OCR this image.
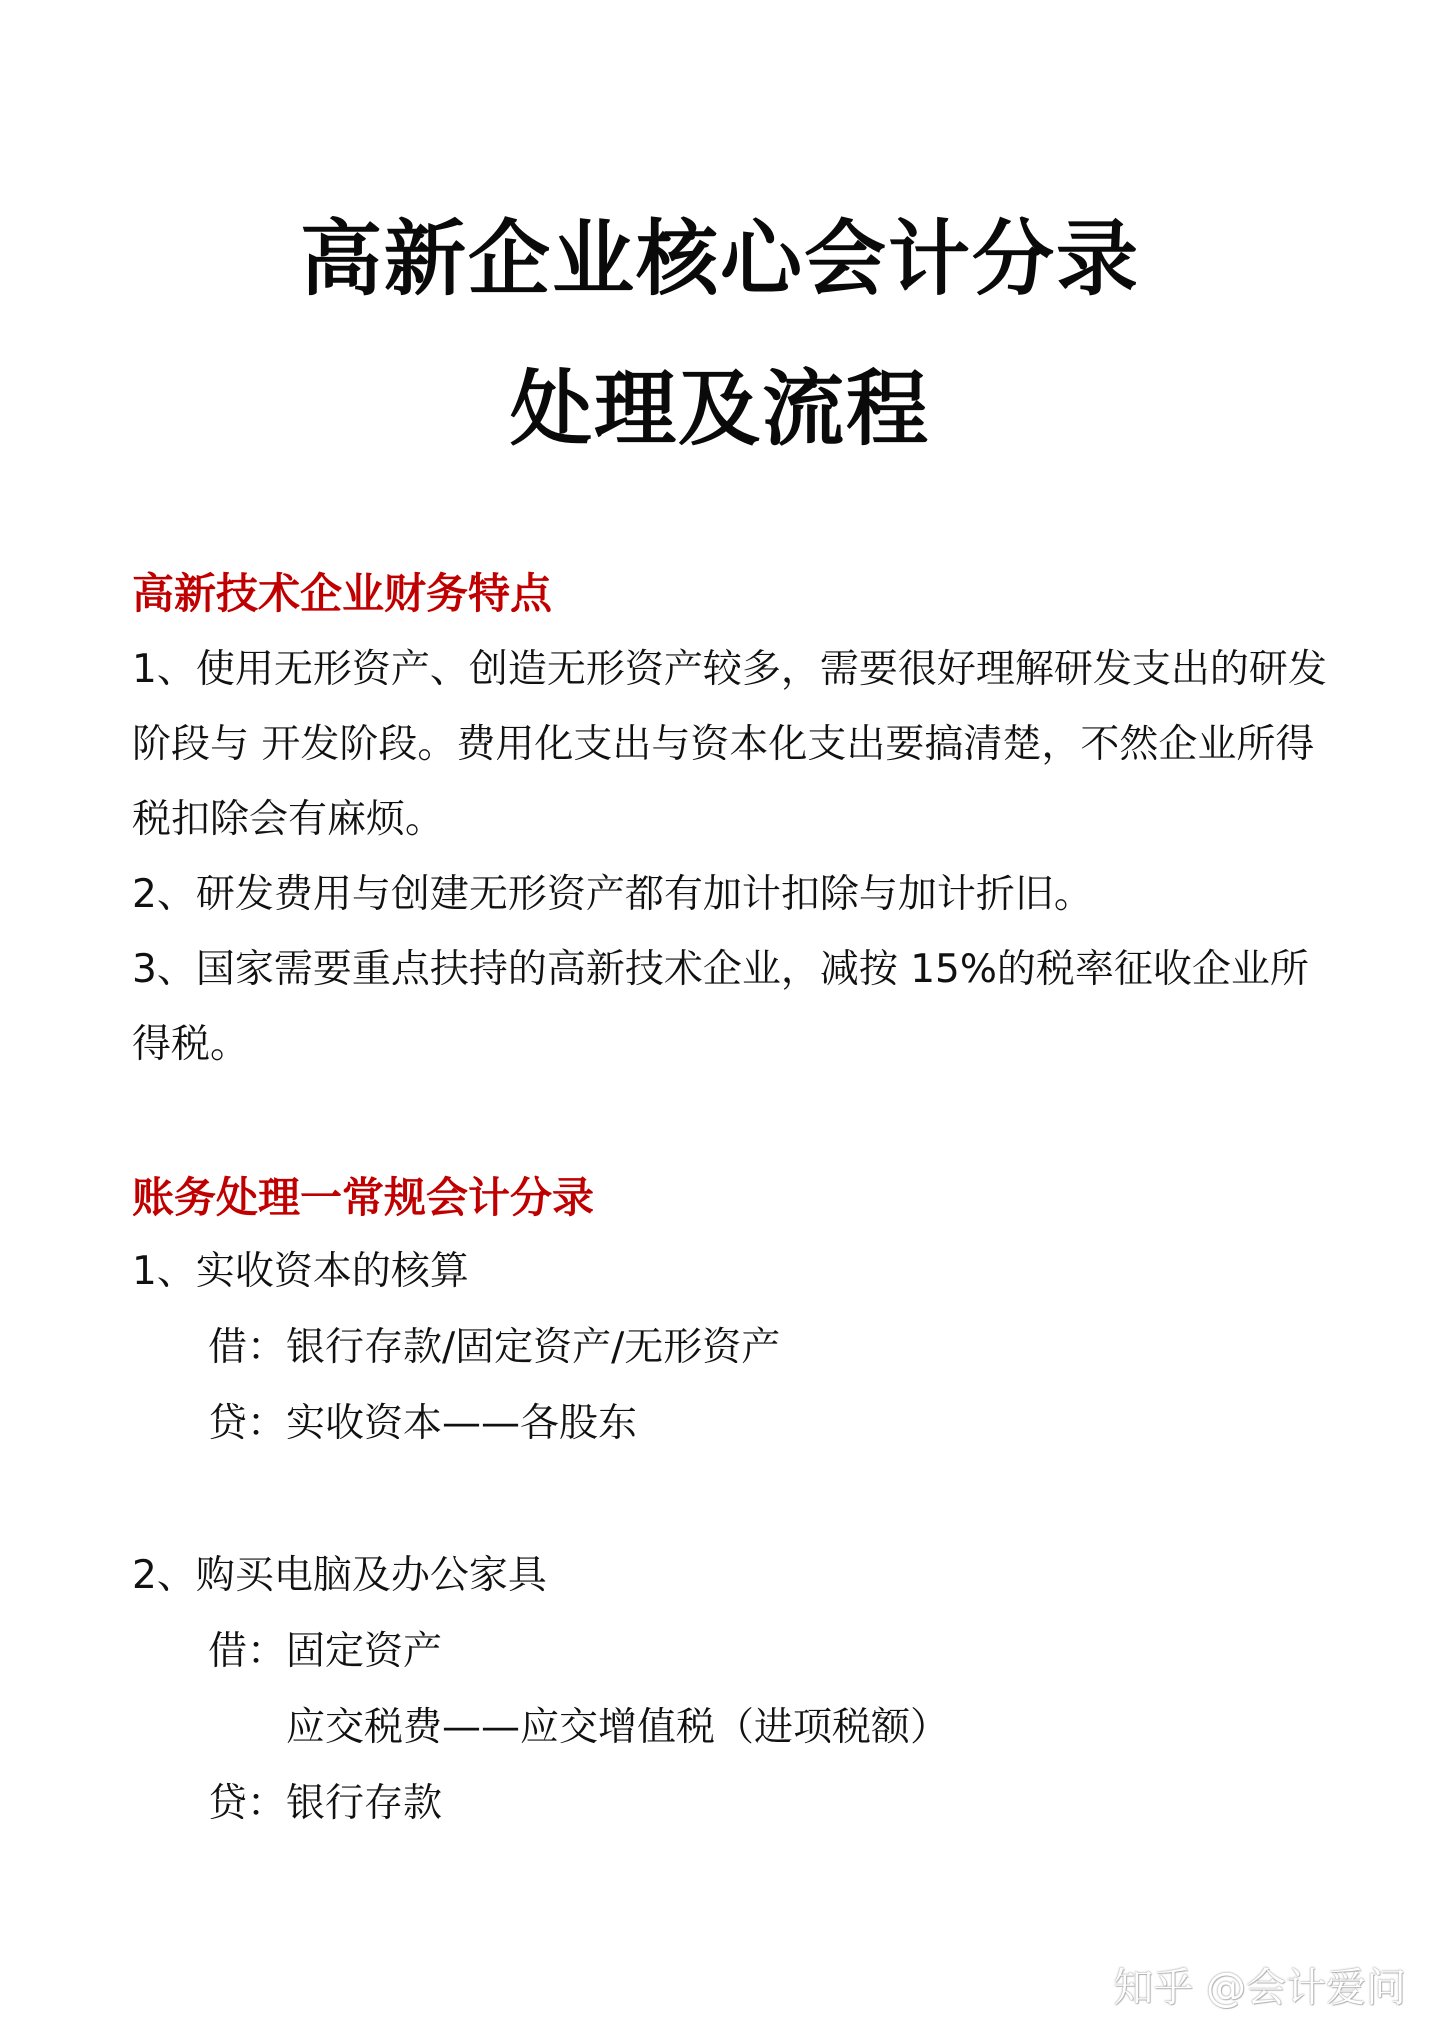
高新企业核心会计分录
处理及流程
高新技术企业财务特点
1、使用无形资产、创造无形资产较多，需要很好理解研发支出的研发
阶段与 开发阶段。费用化支出与资本化支出要搞清楚，不然企业所得
税扣除会有麻烦。
2、研发费用与创建无形资产都有加计扣除与加计折旧。
3、国家需要重点扶持的高新技术企业，减按 15%的税率征收企业所
得税。
账务处理一常规会计分录
1、实收资本的核算
借：银行存款/固定资产/无形资产
贷：实收资本——各股东
2、购买电脑及办公家具
借：固定资产
应交税费——应交增值税（进项税额）
贷：银行存款
知乎 @会计爱问
